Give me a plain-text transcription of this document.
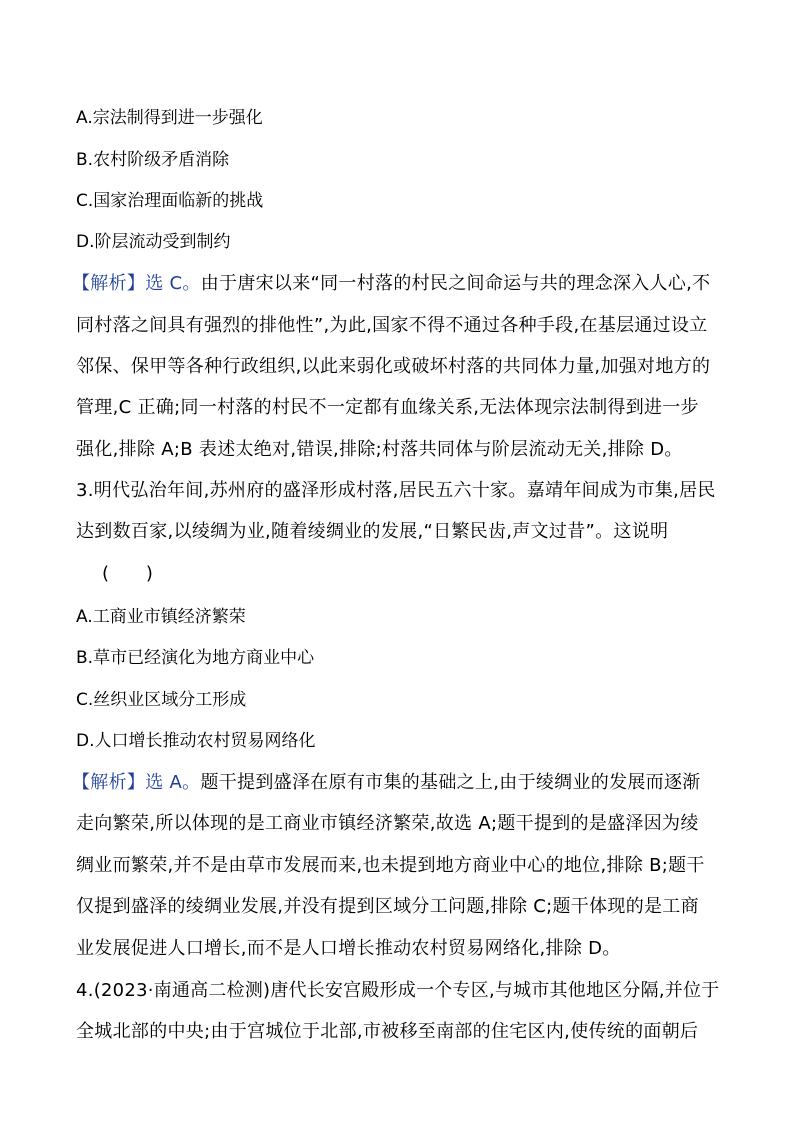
A.宗法制得到进一步强化
B.农村阶级矛盾消除
C.国家治理面临新的挑战
D.阶层流动受到制约
【解析】选 C。由于唐宋以来“同一村落的村民之间命运与共的理念深入人心,不
同村落之间具有强烈的排他性”,为此,国家不得不通过各种手段,在基层通过设立
邻保、保甲等各种行政组织,以此来弱化或破坏村落的共同体力量,加强对地方的
管理,C 正确;同一村落的村民不一定都有血缘关系,无法体现宗法制得到进一步
强化,排除 A;B 表述太绝对,错误,排除;村落共同体与阶层流动无关,排除 D。
3.明代弘治年间,苏州府的盛泽形成村落,居民五六十家。嘉靖年间成为市集,居民
达到数百家,以绫绸为业,随着绫绸业的发展,“日繁民齿,声文过昔”。这说明
(　　)
A.工商业市镇经济繁荣
B.草市已经演化为地方商业中心
C.丝织业区域分工形成
D.人口增长推动农村贸易网络化
【解析】选 A。题干提到盛泽在原有市集的基础之上,由于绫绸业的发展而逐渐
走向繁荣,所以体现的是工商业市镇经济繁荣,故选 A;题干提到的是盛泽因为绫
绸业而繁荣,并不是由草市发展而来,也未提到地方商业中心的地位,排除 B;题干
仅提到盛泽的绫绸业发展,并没有提到区域分工问题,排除 C;题干体现的是工商
业发展促进人口增长,而不是人口增长推动农村贸易网络化,排除 D。
4.(2023·南通高二检测)唐代长安宫殿形成一个专区,与城市其他地区分隔,并位于
全城北部的中央;由于宫城位于北部,市被移至南部的住宅区内,使传统的面朝后
